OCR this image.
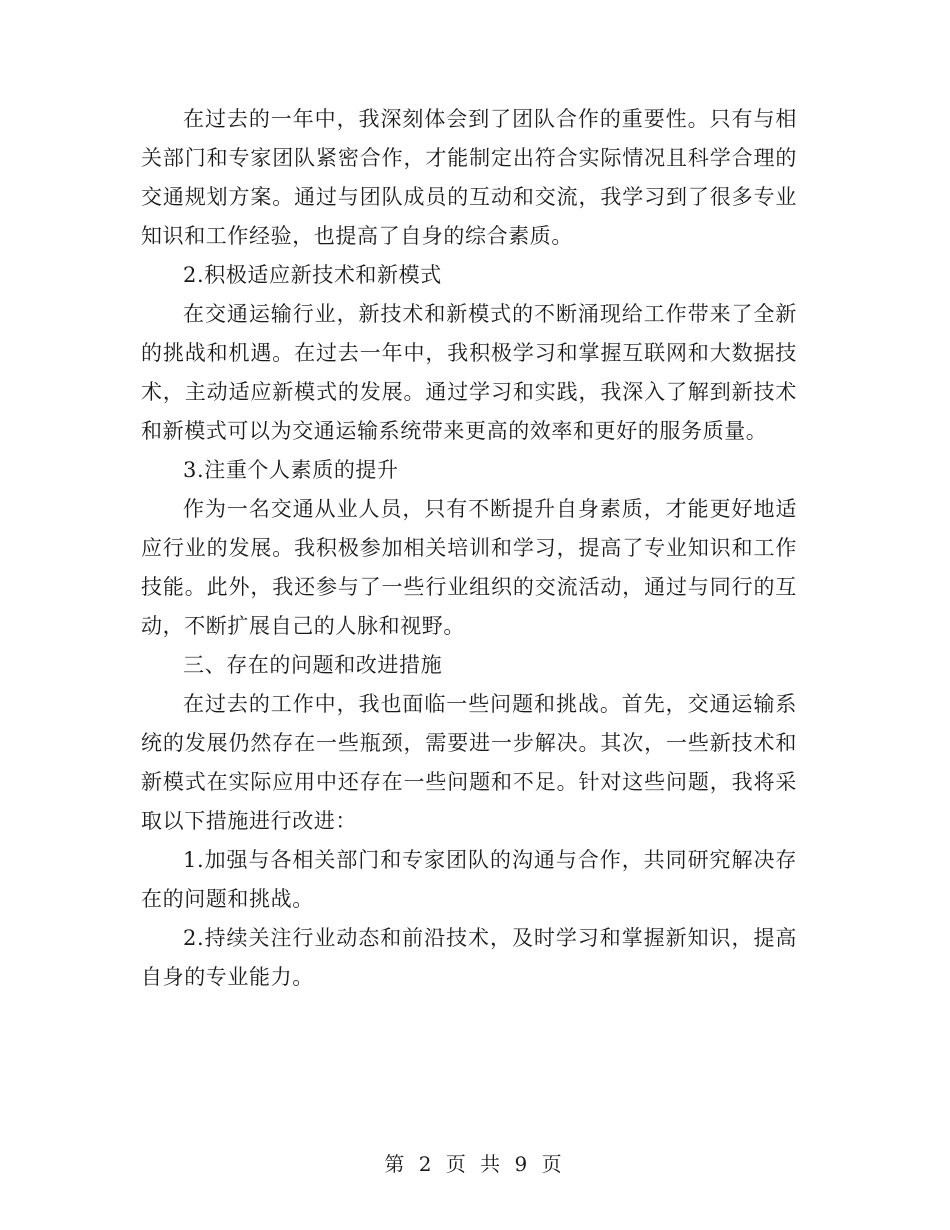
在过去的一年中，我深刻体会到了团队合作的重要性。只有与相关部门和专家团队紧密合作，才能制定出符合实际情况且科学合理的交通规划方案。通过与团队成员的互动和交流，我学习到了很多专业知识和工作经验，也提高了自身的综合素质。

2.积极适应新技术和新模式

在交通运输行业，新技术和新模式的不断涌现给工作带来了全新的挑战和机遇。在过去一年中，我积极学习和掌握互联网和大数据技术，主动适应新模式的发展。通过学习和实践，我深入了解到新技术和新模式可以为交通运输系统带来更高的效率和更好的服务质量。

3.注重个人素质的提升

作为一名交通从业人员，只有不断提升自身素质，才能更好地适应行业的发展。我积极参加相关培训和学习，提高了专业知识和工作技能。此外，我还参与了一些行业组织的交流活动，通过与同行的互动，不断扩展自己的人脉和视野。

三、存在的问题和改进措施

在过去的工作中，我也面临一些问题和挑战。首先，交通运输系统的发展仍然存在一些瓶颈，需要进一步解决。其次，一些新技术和新模式在实际应用中还存在一些问题和不足。针对这些问题，我将采取以下措施进行改进：

1.加强与各相关部门和专家团队的沟通与合作，共同研究解决存在的问题和挑战。

2.持续关注行业动态和前沿技术，及时学习和掌握新知识，提高自身的专业能力。

第 2 页 共 9 页
